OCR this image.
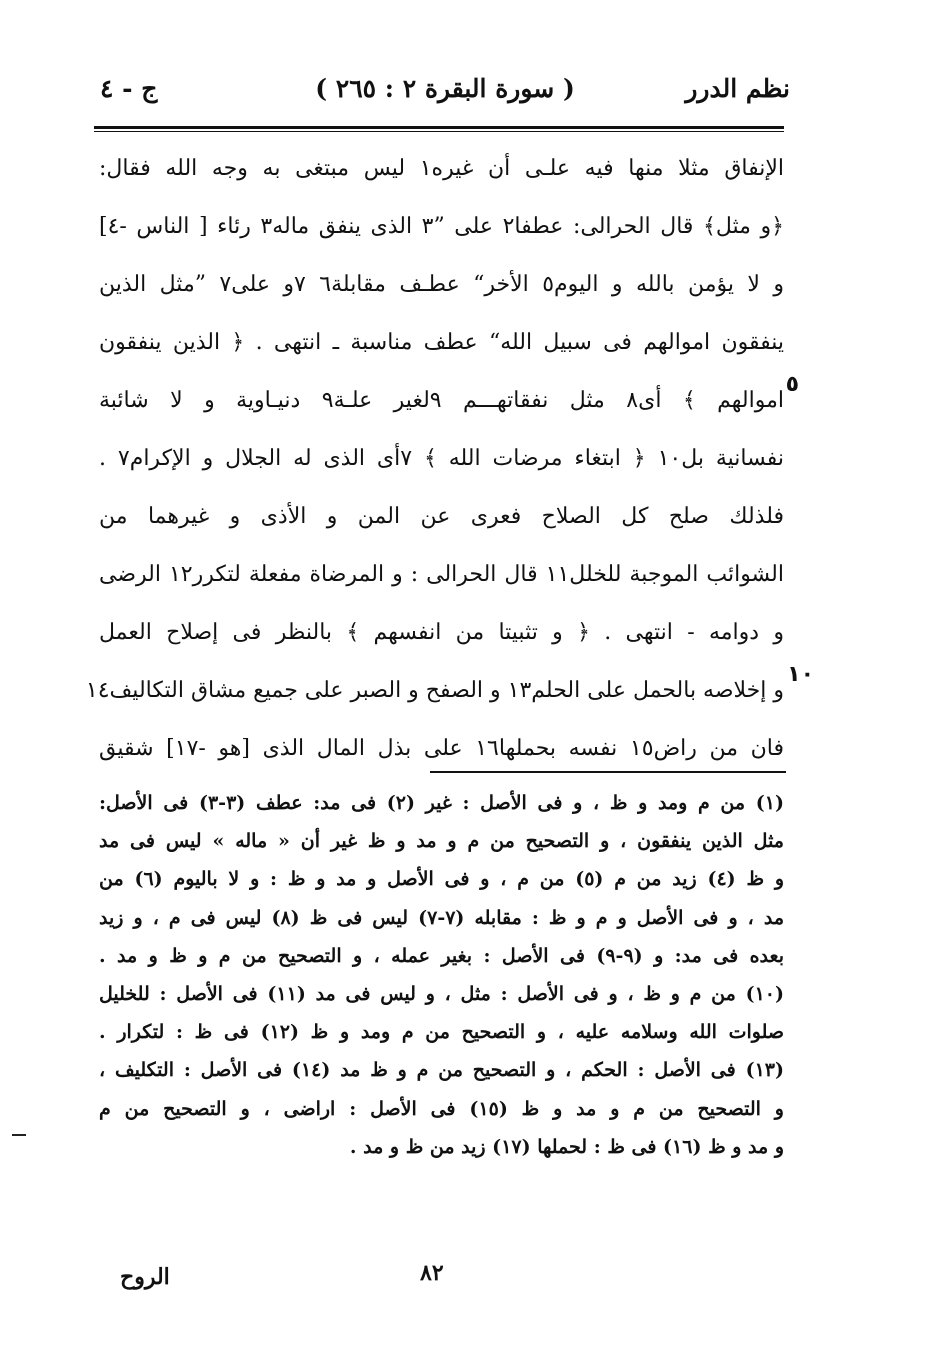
نظم الدرر
( سورة البقرة ٢ : ٢٦٥ )
ج - ٤
الإنفاق مثلا منها فيه علـى أن غيره١ ليس مبتغى به وجه الله فقال:
﴿و مثل﴾ قال الحرالى: عطفا٢ على ”٣ الذى ينفق ماله٣ رئاء [ الناس -٤]
و لا يؤمن بالله و اليوم٥ الأخر“ عطـف مقابلة٦ ٧و على٧ ”مثل الذين
ينفقون اموالهم فى سبيل الله“ عطف مناسبة ـ انتهى . ﴿ الذين ينفقون
اموالهم ﴾ أى٨ مثل نفقاتهـــم ٩لغير علـة٩ دنيـاوية و لا شائبة
نفسانية بل١٠ ﴿ ابتغاء مرضات الله ﴾ ٧أى الذى له الجلال و الإكرام٧ .
فلذلك صلح كل الصلاح فعرى عن المن و الأذى و غيرهما من
الشوائب الموجبة للخلل١١ قال الحرالى : و المرضاة مفعلة لتكرر١٢ الرضى
و دوامه - انتهى . ﴿ و تثبيتا من انفسهم ﴾ بالنظر فى إصلاح العمل
و إخلاصه بالحمل على الحلم١٣ و الصفح و الصبر على جميع مشاق التكاليف١٤
فان من راض١٥ نفسه بحملها١٦ على بذل المال الذى [هو -١٧] شقيق
٥
١٠
(١) من م ومد و ظ ، و فى الأصل : غير (٢) فى مد: عطف (٣-٣) فى الأصل:
مثل الذين ينفقون ، و التصحيح من م و مد و ظ غير أن « ماله » ليس فى مد
و ظ (٤) زيد من م (٥) من م ، و فى الأصل و مد و ظ : و لا باليوم (٦) من
مد ، و فى الأصل و م و ظ : مقابله (٧-٧) ليس فى ظ (٨) ليس فى م ، و زيد
بعده فى مد: و (٩-٩) فى الأصل : بغير عمله ، و التصحيح من م و ظ و مد .
(١٠) من م و ظ ، و فى الأصل : مثل ، و ليس فى مد (١١) فى الأصل : للخليل
صلوات الله وسلامه عليه ، و التصحيح من م ومد و ظ (١٢) فى ظ : لتكرار .
(١٣) فى الأصل : الحكم ، و التصحيح من م و ظ مد (١٤) فى الأصل : التكليف ،
و التصحيح من م و مد و ظ (١٥) فى الأصل : اراضى ، و التصحيح من م
و مد و ظ (١٦) فى ظ : لحملها (١٧) زيد من ظ و مد .
الروح	٨٢
